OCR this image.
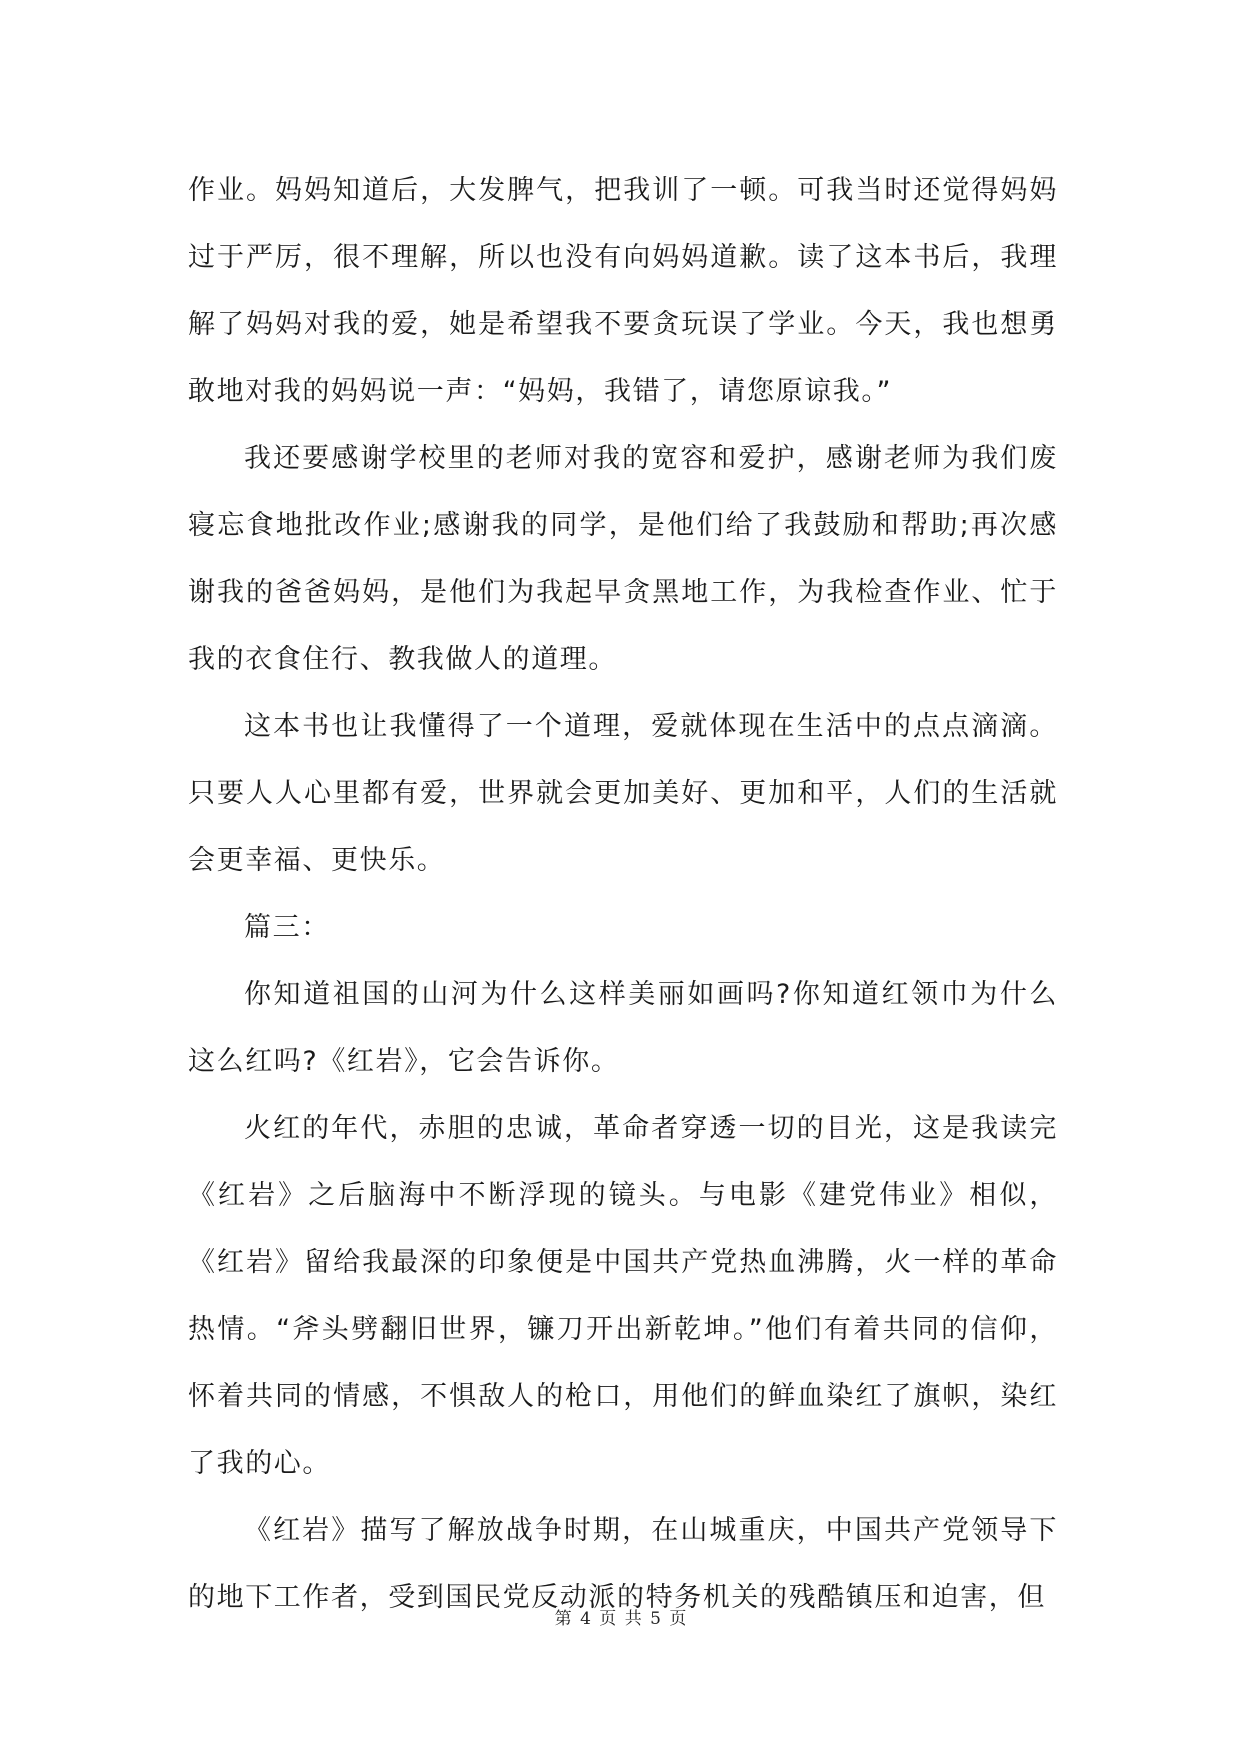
作业。妈妈知道后，大发脾气，把我训了一顿。可我当时还觉得妈妈过于严厉，很不理解，所以也没有向妈妈道歉。读了这本书后，我理解了妈妈对我的爱，她是希望我不要贪玩误了学业。今天，我也想勇敢地对我的妈妈说一声：“妈妈，我错了，请您原谅我。”

我还要感谢学校里的老师对我的宽容和爱护，感谢老师为我们废寝忘食地批改作业;感谢我的同学，是他们给了我鼓励和帮助;再次感谢我的爸爸妈妈，是他们为我起早贪黑地工作，为我检查作业、忙于我的衣食住行、教我做人的道理。

这本书也让我懂得了一个道理，爱就体现在生活中的点点滴滴。只要人人心里都有爱，世界就会更加美好、更加和平，人们的生活就会更幸福、更快乐。

篇三：

你知道祖国的山河为什么这样美丽如画吗?你知道红领巾为什么这么红吗?《红岩》，它会告诉你。

火红的年代，赤胆的忠诚，革命者穿透一切的目光，这是我读完《红岩》之后脑海中不断浮现的镜头。与电影《建党伟业》相似，《红岩》留给我最深的印象便是中国共产党热血沸腾，火一样的革命热情。“斧头劈翻旧世界，镰刀开出新乾坤。”他们有着共同的信仰，怀着共同的情感，不惧敌人的枪口，用他们的鲜血染红了旗帜，染红了我的心。

《红岩》描写了解放战争时期，在山城重庆，中国共产党领导下的地下工作者，受到国民党反动派的特务机关的残酷镇压和迫害，但

第 4 页 共 5 页
